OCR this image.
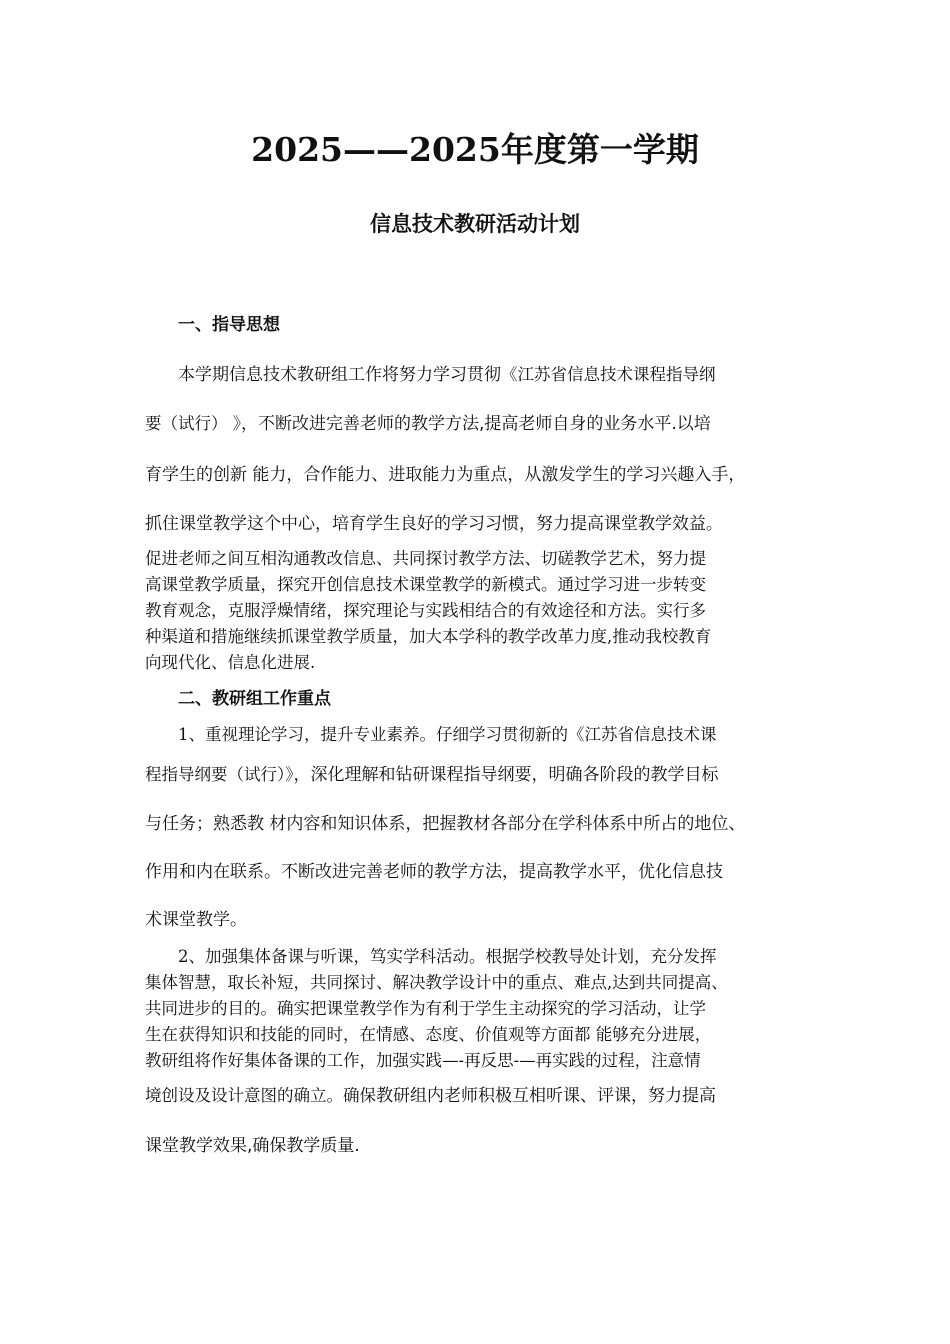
2025——2025年度第一学期
信息技术教研活动计划
一、指导思想
本学期信息技术教研组工作将努力学习贯彻《江苏省信息技术课程指导纲
要（试行） 》，不断改进完善老师的教学方法,提高老师自身的业务水平.以培
育学生的创新 能力，合作能力、进取能力为重点，从激发学生的学习兴趣入手，
抓住课堂教学这个中心，培育学生良好的学习习惯，努力提高课堂教学效益。
促进老师之间互相沟通教改信息、共同探讨教学方法、切磋教学艺术，努力提
高课堂教学质量，探究开创信息技术课堂教学的新模式。通过学习进一步转变
教育观念，克服浮燥情绪，探究理论与实践相结合的有效途径和方法。实行多
种渠道和措施继续抓课堂教学质量，加大本学科的教学改革力度,推动我校教育
向现代化、信息化进展.
二、教研组工作重点
1、重视理论学习，提升专业素养。仔细学习贯彻新的《江苏省信息技术课
程指导纲要（试行）》，深化理解和钻研课程指导纲要，明确各阶段的教学目标
与任务；熟悉教 材内容和知识体系，把握教材各部分在学科体系中所占的地位、
作用和内在联系。不断改进完善老师的教学方法，提高教学水平，优化信息技
术课堂教学。
2、加强集体备课与听课，笃实学科活动。根据学校教导处计划，充分发挥
集体智慧，取长补短，共同探讨、解决教学设计中的重点、难点,达到共同提高、
共同进步的目的。确实把课堂教学作为有利于学生主动探究的学习活动，让学
生在获得知识和技能的同时，在情感、态度、价值观等方面都 能够充分进展，
教研组将作好集体备课的工作，加强实践—-再反思-—再实践的过程，注意情
境创设及设计意图的确立。确保教研组内老师积极互相听课、评课，努力提高
课堂教学效果,确保教学质量.
